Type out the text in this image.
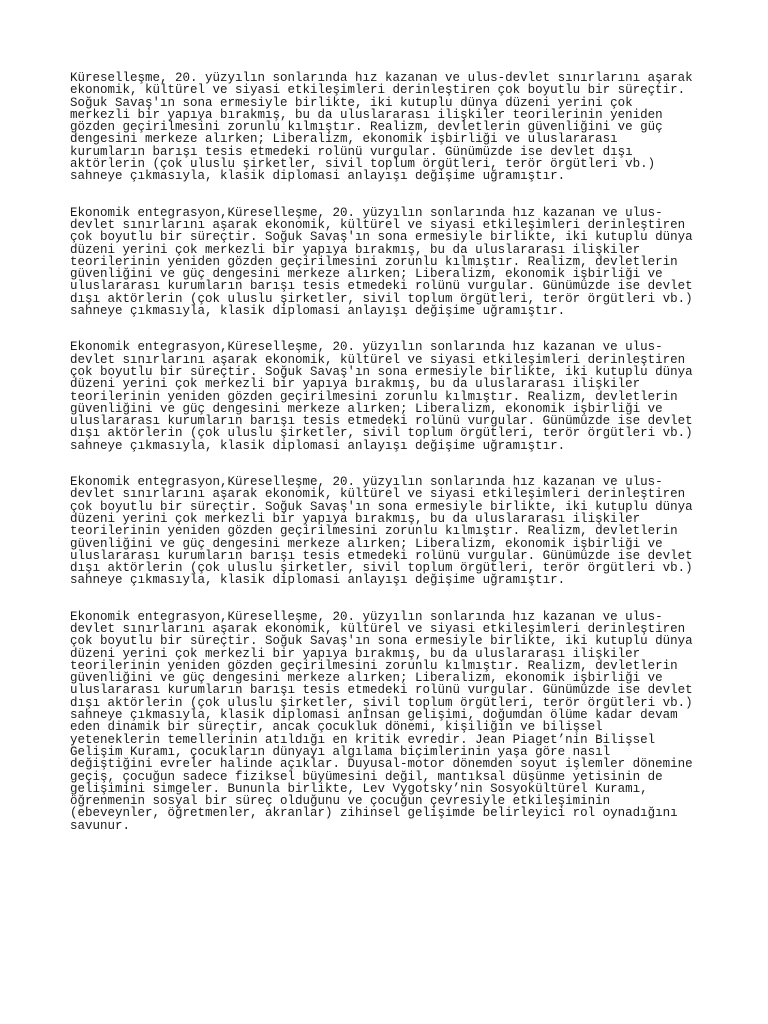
Küreselleşme, 20. yüzyılın sonlarında hız kazanan ve ulus-devlet sınırlarını aşarak

ekonomik, kültürel ve siyasi etkileşimleri derinleştiren çok boyutlu bir süreçtir.

Soğuk Savaş'ın sona ermesiyle birlikte, iki kutuplu dünya düzeni yerini çok

merkezli bir yapıya bırakmış, bu da uluslararası ilişkiler teorilerinin yeniden

gözden geçirilmesini zorunlu kılmıştır. Realizm, devletlerin güvenliğini ve güç

dengesini merkeze alırken; Liberalizm, ekonomik işbirliği ve uluslararası

kurumların barışı tesis etmedeki rolünü vurgular. Günümüzde ise devlet dışı

aktörlerin (çok uluslu şirketler, sivil toplum örgütleri, terör örgütleri vb.)

sahneye çıkmasıyla, klasik diplomasi anlayışı değişime uğramıştır.

Ekonomik entegrasyon,Küreselleşme, 20. yüzyılın sonlarında hız kazanan ve ulus-

devlet sınırlarını aşarak ekonomik, kültürel ve siyasi etkileşimleri derinleştiren

çok boyutlu bir süreçtir. Soğuk Savaş'ın sona ermesiyle birlikte, iki kutuplu dünya

düzeni yerini çok merkezli bir yapıya bırakmış, bu da uluslararası ilişkiler

teorilerinin yeniden gözden geçirilmesini zorunlu kılmıştır. Realizm, devletlerin

güvenliğini ve güç dengesini merkeze alırken; Liberalizm, ekonomik işbirliği ve

uluslararası kurumların barışı tesis etmedeki rolünü vurgular. Günümüzde ise devlet

dışı aktörlerin (çok uluslu şirketler, sivil toplum örgütleri, terör örgütleri vb.)

sahneye çıkmasıyla, klasik diplomasi anlayışı değişime uğramıştır.

Ekonomik entegrasyon,Küreselleşme, 20. yüzyılın sonlarında hız kazanan ve ulus-

devlet sınırlarını aşarak ekonomik, kültürel ve siyasi etkileşimleri derinleştiren

çok boyutlu bir süreçtir. Soğuk Savaş'ın sona ermesiyle birlikte, iki kutuplu dünya

düzeni yerini çok merkezli bir yapıya bırakmış, bu da uluslararası ilişkiler

teorilerinin yeniden gözden geçirilmesini zorunlu kılmıştır. Realizm, devletlerin

güvenliğini ve güç dengesini merkeze alırken; Liberalizm, ekonomik işbirliği ve

uluslararası kurumların barışı tesis etmedeki rolünü vurgular. Günümüzde ise devlet

dışı aktörlerin (çok uluslu şirketler, sivil toplum örgütleri, terör örgütleri vb.)

sahneye çıkmasıyla, klasik diplomasi anlayışı değişime uğramıştır.

Ekonomik entegrasyon,Küreselleşme, 20. yüzyılın sonlarında hız kazanan ve ulus-

devlet sınırlarını aşarak ekonomik, kültürel ve siyasi etkileşimleri derinleştiren

çok boyutlu bir süreçtir. Soğuk Savaş'ın sona ermesiyle birlikte, iki kutuplu dünya

düzeni yerini çok merkezli bir yapıya bırakmış, bu da uluslararası ilişkiler

teorilerinin yeniden gözden geçirilmesini zorunlu kılmıştır. Realizm, devletlerin

güvenliğini ve güç dengesini merkeze alırken; Liberalizm, ekonomik işbirliği ve

uluslararası kurumların barışı tesis etmedeki rolünü vurgular. Günümüzde ise devlet

dışı aktörlerin (çok uluslu şirketler, sivil toplum örgütleri, terör örgütleri vb.)

sahneye çıkmasıyla, klasik diplomasi anlayışı değişime uğramıştır.

Ekonomik entegrasyon,Küreselleşme, 20. yüzyılın sonlarında hız kazanan ve ulus-

devlet sınırlarını aşarak ekonomik, kültürel ve siyasi etkileşimleri derinleştiren

çok boyutlu bir süreçtir. Soğuk Savaş'ın sona ermesiyle birlikte, iki kutuplu dünya

düzeni yerini çok merkezli bir yapıya bırakmış, bu da uluslararası ilişkiler

teorilerinin yeniden gözden geçirilmesini zorunlu kılmıştır. Realizm, devletlerin

güvenliğini ve güç dengesini merkeze alırken; Liberalizm, ekonomik işbirliği ve

uluslararası kurumların barışı tesis etmedeki rolünü vurgular. Günümüzde ise devlet

dışı aktörlerin (çok uluslu şirketler, sivil toplum örgütleri, terör örgütleri vb.)

sahneye çıkmasıyla, klasik diplomasi anİnsan gelişimi, doğumdan ölüme kadar devam

eden dinamik bir süreçtir, ancak çocukluk dönemi, kişiliğin ve bilişsel

yeteneklerin temellerinin atıldığı en kritik evredir. Jean Piaget’nin Bilişsel

Gelişim Kuramı, çocukların dünyayı algılama biçimlerinin yaşa göre nasıl

değiştiğini evreler halinde açıklar. Duyusal-motor dönemden soyut işlemler dönemine

geçiş, çocuğun sadece fiziksel büyümesini değil, mantıksal düşünme yetisinin de

gelişimini simgeler. Bununla birlikte, Lev Vygotsky’nin Sosyokültürel Kuramı,

öğrenmenin sosyal bir süreç olduğunu ve çocuğun çevresiyle etkileşiminin

(ebeveynler, öğretmenler, akranlar) zihinsel gelişimde belirleyici rol oynadığını

savunur.
